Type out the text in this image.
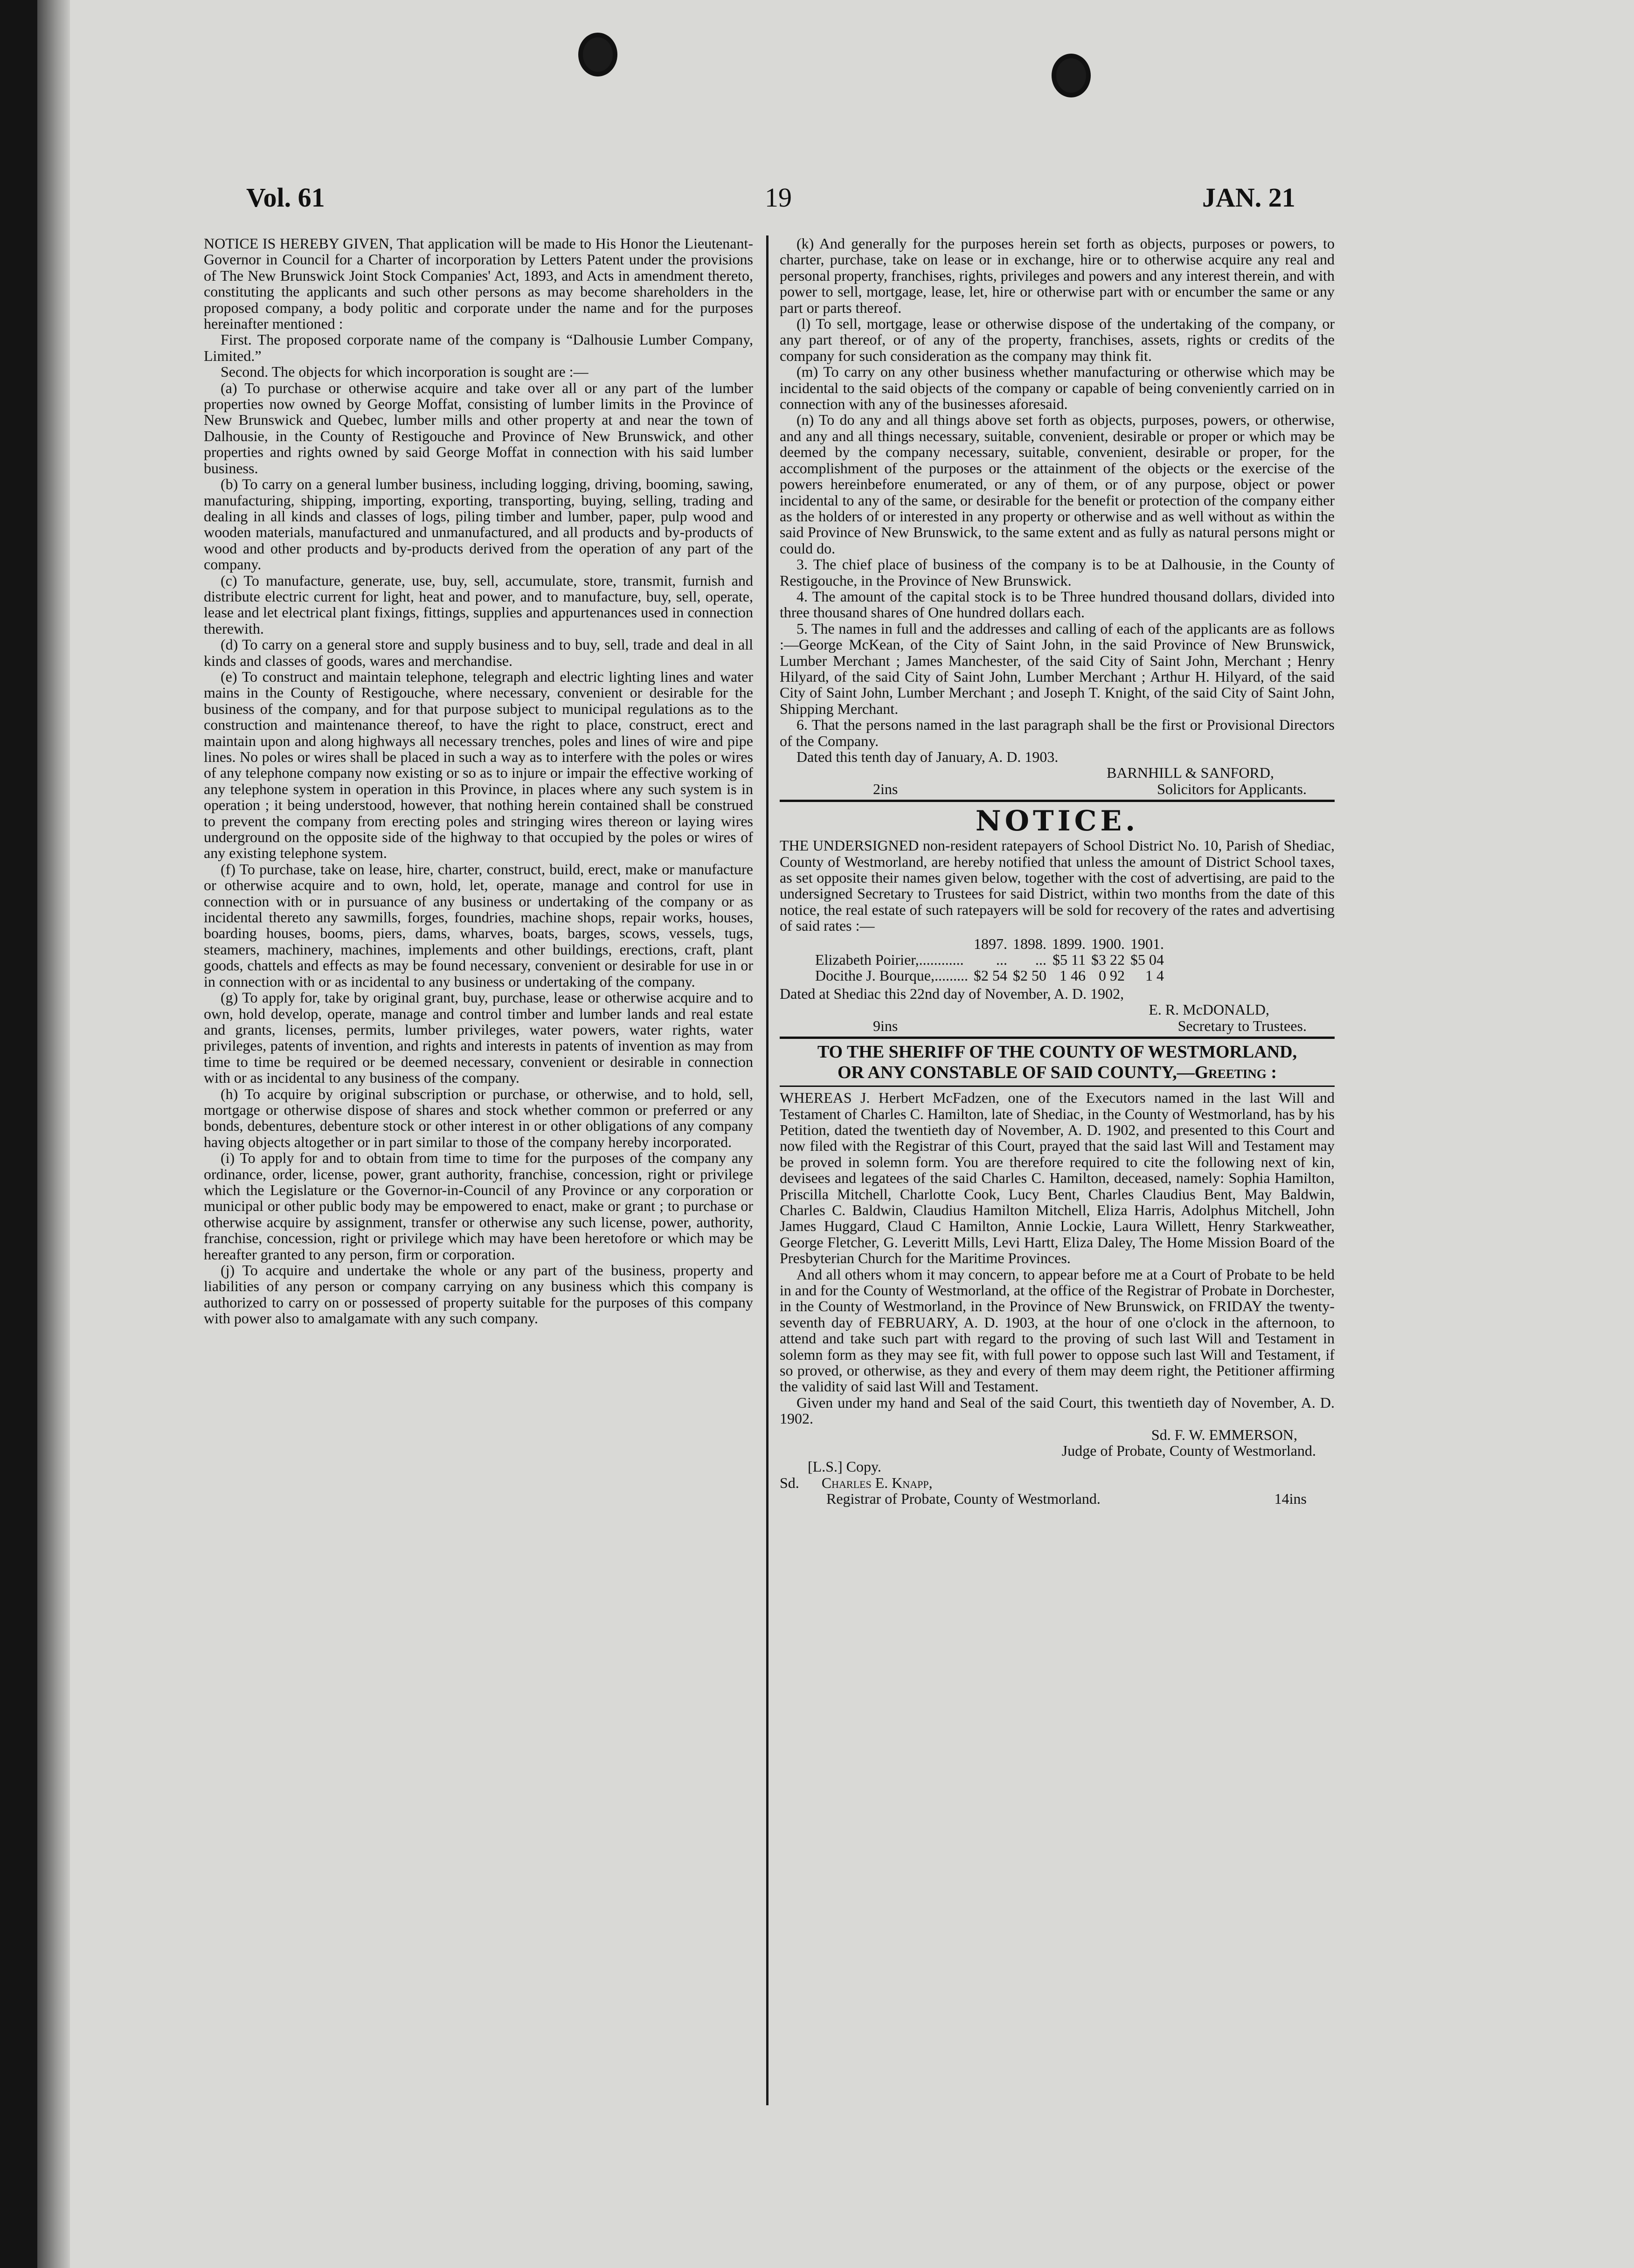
Vol. 61	19	JAN. 21

NOTICE IS HEREBY GIVEN, That application will be made to His Honor the Lieutenant-Governor in Council for a Charter of incorporation by Letters Patent under the provisions of The New Brunswick Joint Stock Companies' Act, 1893, and Acts in amendment thereto, constituting the applicants and such other persons as may become shareholders in the proposed company, a body politic and corporate under the name and for the purposes hereinafter mentioned :

First. The proposed corporate name of the company is “Dalhousie Lumber Company, Limited.”

Second. The objects for which incorporation is sought are :—

(a) To purchase or otherwise acquire and take over all or any part of the lumber properties now owned by George Moffat, consisting of lumber limits in the Province of New Brunswick and Quebec, lumber mills and other property at and near the town of Dalhousie, in the County of Restigouche and Province of New Brunswick, and other properties and rights owned by said George Moffat in connection with his said lumber business.

(b) To carry on a general lumber business, including logging, driving, booming, sawing, manufacturing, shipping, importing, exporting, transporting, buying, selling, trading and dealing in all kinds and classes of logs, piling timber and lumber, paper, pulp wood and wooden materials, manufactured and unmanufactured, and all products and by-products of wood and other products and by-products derived from the operation of any part of the company.

(c) To manufacture, generate, use, buy, sell, accumulate, store, transmit, furnish and distribute electric current for light, heat and power, and to manufacture, buy, sell, operate, lease and let electrical plant fixings, fittings, supplies and appurtenances used in connection therewith.

(d) To carry on a general store and supply business and to buy, sell, trade and deal in all kinds and classes of goods, wares and merchandise.

(e) To construct and maintain telephone, telegraph and electric lighting lines and water mains in the County of Restigouche, where necessary, convenient or desirable for the business of the company, and for that purpose subject to municipal regulations as to the construction and maintenance thereof, to have the right to place, construct, erect and maintain upon and along highways all necessary trenches, poles and lines of wire and pipe lines. No poles or wires shall be placed in such a way as to interfere with the poles or wires of any telephone company now existing or so as to injure or impair the effective working of any telephone system in operation in this Province, in places where any such system is in operation ; it being understood, however, that nothing herein contained shall be construed to prevent the company from erecting poles and stringing wires thereon or laying wires underground on the opposite side of the highway to that occupied by the poles or wires of any existing telephone system.

(f) To purchase, take on lease, hire, charter, construct, build, erect, make or manufacture or otherwise acquire and to own, hold, let, operate, manage and control for use in connection with or in pursuance of any business or undertaking of the company or as incidental thereto any sawmills, forges, foundries, machine shops, repair works, houses, boarding houses, booms, piers, dams, wharves, boats, barges, scows, vessels, tugs, steamers, machinery, machines, implements and other buildings, erections, craft, plant goods, chattels and effects as may be found necessary, convenient or desirable for use in or in connection with or as incidental to any business or undertaking of the company.

(g) To apply for, take by original grant, buy, purchase, lease or otherwise acquire and to own, hold develop, operate, manage and control timber and lumber lands and real estate and grants, licenses, permits, lumber privileges, water powers, water rights, water privileges, patents of invention, and rights and interests in patents of invention as may from time to time be required or be deemed necessary, convenient or desirable in connection with or as incidental to any business of the company.

(h) To acquire by original subscription or purchase, or otherwise, and to hold, sell, mortgage or otherwise dispose of shares and stock whether common or preferred or any bonds, debentures, debenture stock or other interest in or other obligations of any company having objects altogether or in part similar to those of the company hereby incorporated.

(i) To apply for and to obtain from time to time for the purposes of the company any ordinance, order, license, power, grant authority, franchise, concession, right or privilege which the Legislature or the Governor-in-Council of any Province or any corporation or municipal or other public body may be empowered to enact, make or grant ; to purchase or otherwise acquire by assignment, transfer or otherwise any such license, power, authority, franchise, concession, right or privilege which may have been heretofore or which may be hereafter granted to any person, firm or corporation.

(j) To acquire and undertake the whole or any part of the business, property and liabilities of any person or company carrying on any business which this company is authorized to carry on or possessed of property suitable for the purposes of this company with power also to amalgamate with any such company.

(k) And generally for the purposes herein set forth as objects, purposes or powers, to charter, purchase, take on lease or in exchange, hire or to otherwise acquire any real and personal property, franchises, rights, privileges and powers and any interest therein, and with power to sell, mortgage, lease, let, hire or otherwise part with or encumber the same or any part or parts thereof.

(l) To sell, mortgage, lease or otherwise dispose of the undertaking of the company, or any part thereof, or of any of the property, franchises, assets, rights or credits of the company for such consideration as the company may think fit.

(m) To carry on any other business whether manufacturing or otherwise which may be incidental to the said objects of the company or capable of being conveniently carried on in connection with any of the businesses aforesaid.

(n) To do any and all things above set forth as objects, purposes, powers, or otherwise, and any and all things necessary, suitable, convenient, desirable or proper or which may be deemed by the company necessary, suitable, convenient, desirable or proper, for the accomplishment of the purposes or the attainment of the objects or the exercise of the powers hereinbefore enumerated, or any of them, or of any purpose, object or power incidental to any of the same, or desirable for the benefit or protection of the company either as the holders of or interested in any property or otherwise and as well without as within the said Province of New Brunswick, to the same extent and as fully as natural persons might or could do.

3. The chief place of business of the company is to be at Dalhousie, in the County of Restigouche, in the Province of New Brunswick.

4. The amount of the capital stock is to be Three hundred thousand dollars, divided into three thousand shares of One hundred dollars each.

5. The names in full and the addresses and calling of each of the applicants are as follows :—George McKean, of the City of Saint John, in the said Province of New Brunswick, Lumber Merchant ; James Manchester, of the said City of Saint John, Merchant ; Henry Hilyard, of the said City of Saint John, Lumber Merchant ; Arthur H. Hilyard, of the said City of Saint John, Lumber Merchant ; and Joseph T. Knight, of the said City of Saint John, Shipping Merchant.

6. That the persons named in the last paragraph shall be the first or Provisional Directors of the Company.

Dated this tenth day of January, A. D. 1903.

BARNHILL & SANFORD,

2ins	Solicitors for Applicants.
NOTICE.

THE UNDERSIGNED non-resident ratepayers of School District No. 10, Parish of Shediac, County of Westmorland, are hereby notified that unless the amount of District School taxes, as set opposite their names given below, together with the cost of advertising, are paid to the undersigned Secretary to Trustees for said District, within two months from the date of this notice, the real estate of such ratepayers will be sold for recovery of the rates and advertising of said rates :—

	1897.	1898.	1899.	1900.	1901.
Elizabeth Poirier,............	...	...	$5 11	$3 22	$5 04
Docithe J. Bourque,.........	$2 54	$2 50	1 46	0 92	1 4

Dated at Shediac this 22nd day of November, A. D. 1902,

E. R. McDONALD,

9ins	Secretary to Trustees.
TO THE SHERIFF OF THE COUNTY OF WESTMORLAND,
OR ANY CONSTABLE OF SAID COUNTY,—Greeting :

WHEREAS J. Herbert McFadzen, one of the Executors named in the last Will and Testament of Charles C. Hamilton, late of Shediac, in the County of Westmorland, has by his Petition, dated the twentieth day of November, A. D. 1902, and presented to this Court and now filed with the Registrar of this Court, prayed that the said last Will and Testament may be proved in solemn form. You are therefore required to cite the following next of kin, devisees and legatees of the said Charles C. Hamilton, deceased, namely: Sophia Hamilton, Priscilla Mitchell, Charlotte Cook, Lucy Bent, Charles Claudius Bent, May Baldwin, Charles C. Baldwin, Claudius Hamilton Mitchell, Eliza Harris, Adolphus Mitchell, John James Huggard, Claud C Hamilton, Annie Lockie, Laura Willett, Henry Starkweather, George Fletcher, G. Leveritt Mills, Levi Hartt, Eliza Daley, The Home Mission Board of the Presbyterian Church for the Maritime Provinces.

And all others whom it may concern, to appear before me at a Court of Probate to be held in and for the County of Westmorland, at the office of the Registrar of Probate in Dorchester, in the County of Westmorland, in the Province of New Brunswick, on FRIDAY the twenty-seventh day of FEBRUARY, A. D. 1903, at the hour of one o'clock in the afternoon, to attend and take such part with regard to the proving of such last Will and Testament in solemn form as they may see fit, with full power to oppose such last Will and Testament, if so proved, or otherwise, as they and every of them may deem right, the Petitioner affirming the validity of said last Will and Testament.

Given under my hand and Seal of the said Court, this twentieth day of November, A. D. 1902.

Sd. F. W. EMMERSON,

Judge of Probate, County of Westmorland.

[L.S.] Copy.

Sd. Charles E. Knapp,

Registrar of Probate, County of Westmorland.	14ins
